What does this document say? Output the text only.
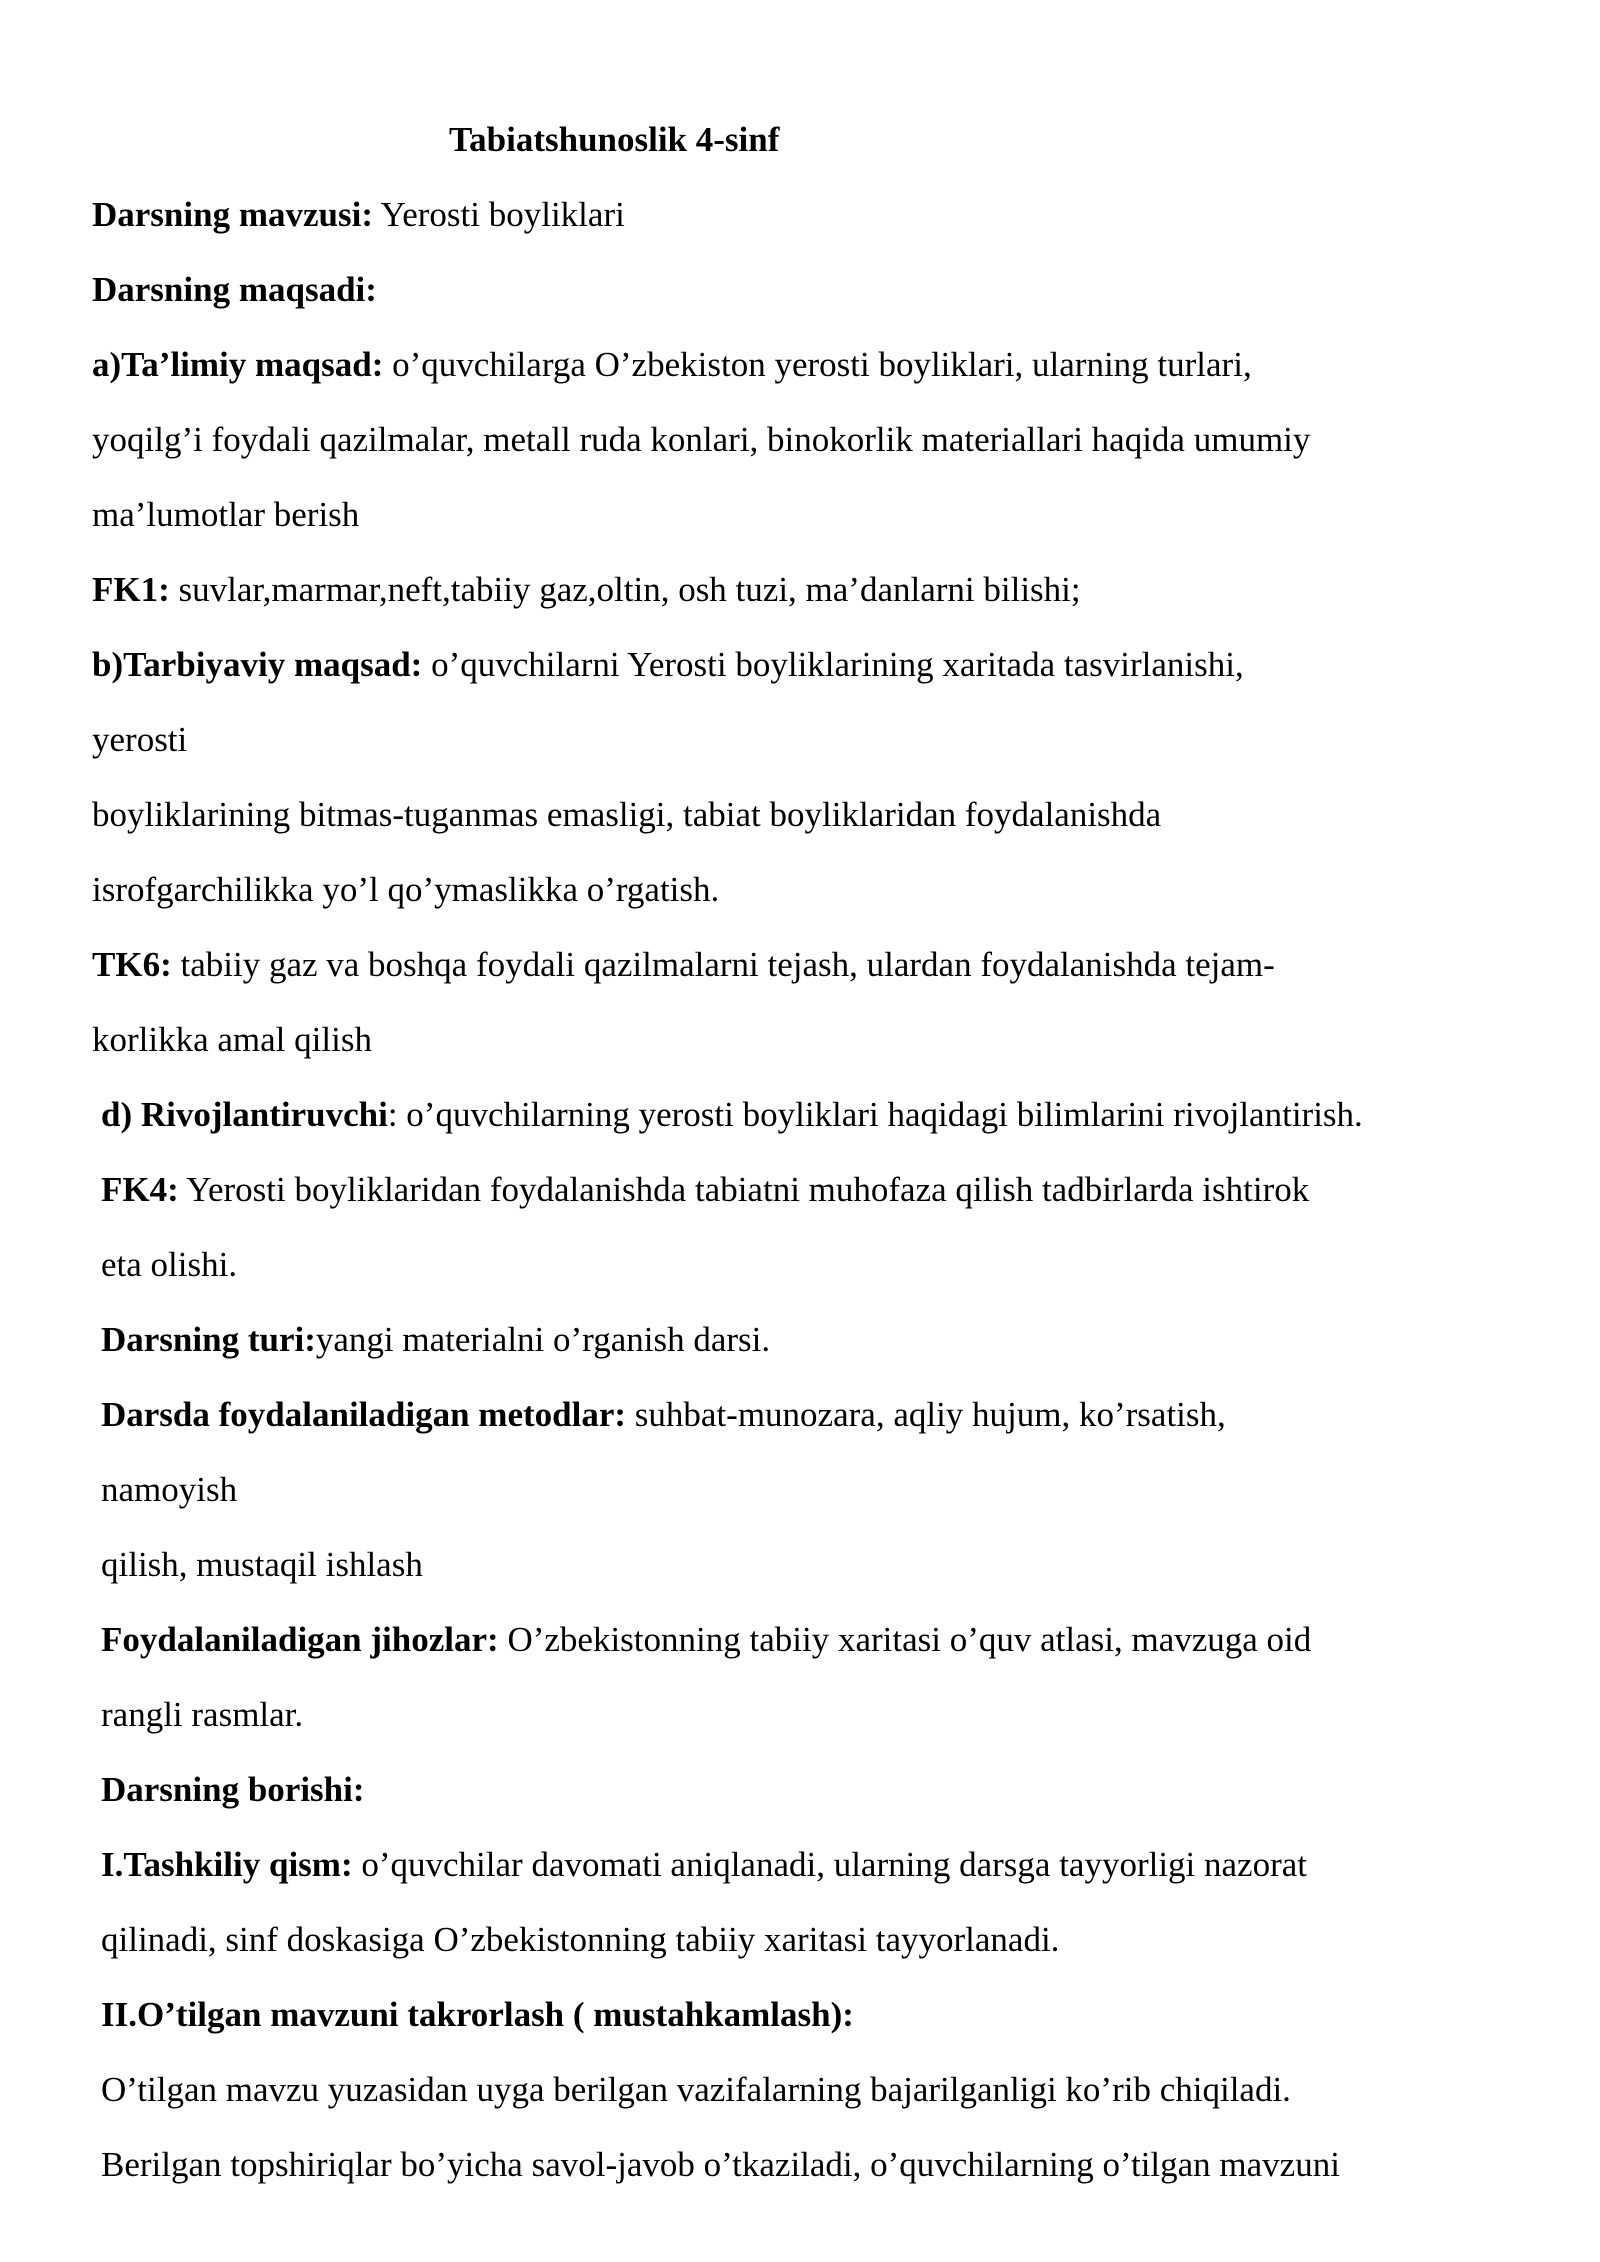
Tabiatshunoslik 4-sinf
Darsning mavzusi: Yerosti boyliklari
Darsning maqsadi:
a)Ta’limiy maqsad: o’quvchilarga O’zbekiston yerosti boyliklari, ularning turlari,
yoqilg’i foydali qazilmalar, metall ruda konlari, binokorlik materiallari haqida umumiy
ma’lumotlar berish
FK1: suvlar,marmar,neft,tabiiy gaz,oltin, osh tuzi, ma’danlarni bilishi;
b)Tarbiyaviy maqsad: o’quvchilarni Yerosti boyliklarining xaritada tasvirlanishi,
yerosti
boyliklarining bitmas-tuganmas emasligi, tabiat boyliklaridan foydalanishda
isrofgarchilikka yo’l qo’ymaslikka o’rgatish.
TK6: tabiiy gaz va boshqa foydali qazilmalarni tejash, ulardan foydalanishda tejam-
korlikka amal qilish
d) Rivojlantiruvchi: o’quvchilarning yerosti boyliklari haqidagi bilimlarini rivojlantirish.
FK4: Yerosti boyliklaridan foydalanishda tabiatni muhofaza qilish tadbirlarda ishtirok
eta olishi.
Darsning turi:yangi materialni o’rganish darsi.
Darsda foydalaniladigan metodlar: suhbat-munozara, aqliy hujum, ko’rsatish,
namoyish
qilish, mustaqil ishlash
Foydalaniladigan jihozlar: O’zbekistonning tabiiy xaritasi o’quv atlasi, mavzuga oid
rangli rasmlar.
Darsning borishi:
I.Tashkiliy qism: o’quvchilar davomati aniqlanadi, ularning darsga tayyorligi nazorat
qilinadi, sinf doskasiga O’zbekistonning tabiiy xaritasi tayyorlanadi.
II.O’tilgan mavzuni takrorlash ( mustahkamlash):
O’tilgan mavzu yuzasidan uyga berilgan vazifalarning bajarilganligi ko’rib chiqiladi.
Berilgan topshiriqlar bo’yicha savol-javob o’tkaziladi, o’quvchilarning o’tilgan mavzuni
